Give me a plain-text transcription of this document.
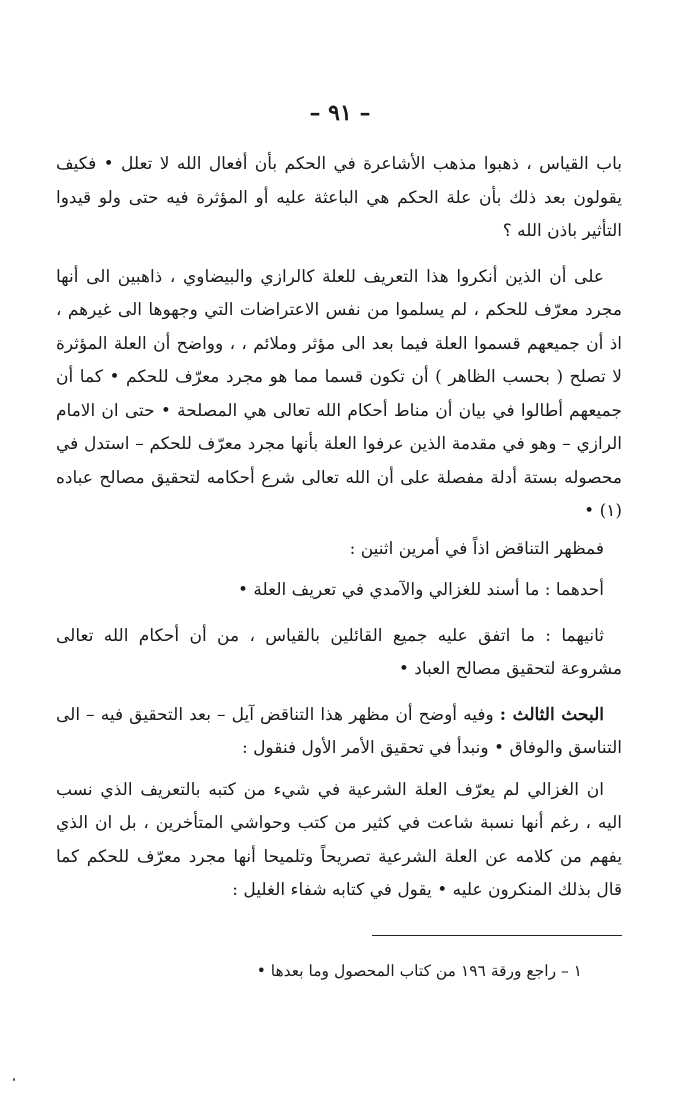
– ٩١ –

باب القياس ، ذهبوا مذهب الأشاعرة في الحكم بأن أفعال الله لا تعلل • فكيف يقولون بعد ذلك بأن علة الحكم هي الباعثة عليه أو المؤثرة فيه حتى ولو قيدوا التأثير باذن الله ؟

على أن الذين أنكروا هذا التعريف للعلة كالرازي والبيضاوي ، ذاهبين الى أنها مجرد معرّف للحكم ، لم يسلموا من نفس الاعتراضات التي وجهوها الى غيرهم ، اذ أن جميعهم قسموا العلة فيما بعد الى مؤثر وملائم ، ، وواضح أن العلة المؤثرة لا تصلح ( بحسب الظاهر ) أن تكون قسما مما هو مجرد معرّف للحكم • كما أن جميعهم أطالوا في بيان أن مناط أحكام الله تعالى هي المصلحة • حتى ان الامام الرازي – وهو في مقدمة الذين عرفوا العلة بأنها مجرد معرّف للحكم – استدل في محصوله بستة أدلة مفصلة على أن الله تعالى شرع أحكامه لتحقيق مصالح عباده (١) •

فمظهر التناقض اذاً في أمرين اثنين :

أحدهما : ما أسند للغزالي والآمدي في تعريف العلة •

ثانيهما : ما اتفق عليه جميع القائلين بالقياس ، من أن أحكام الله تعالى مشروعة لتحقيق مصالح العباد •

البحث الثالث : وفيه أوضح أن مظهر هذا التناقض آيل – بعد التحقيق فيه – الى التناسق والوفاق • ونبدأ في تحقيق الأمر الأول فنقول :

ان الغزالي لم يعرّف العلة الشرعية في شيء من كتبه بالتعريف الذي نسب اليه ، رغم أنها نسبة شاعت في كثير من كتب وحواشي المتأخرين ، بل ان الذي يفهم من كلامه عن العلة الشرعية تصريحاً وتلميحا أنها مجرد معرّف للحكم كما قال بذلك المنكرون عليه • يقول في كتابه شفاء الغليل :

١ – راجع ورقة ١٩٦ من كتاب المحصول وما بعدها •
